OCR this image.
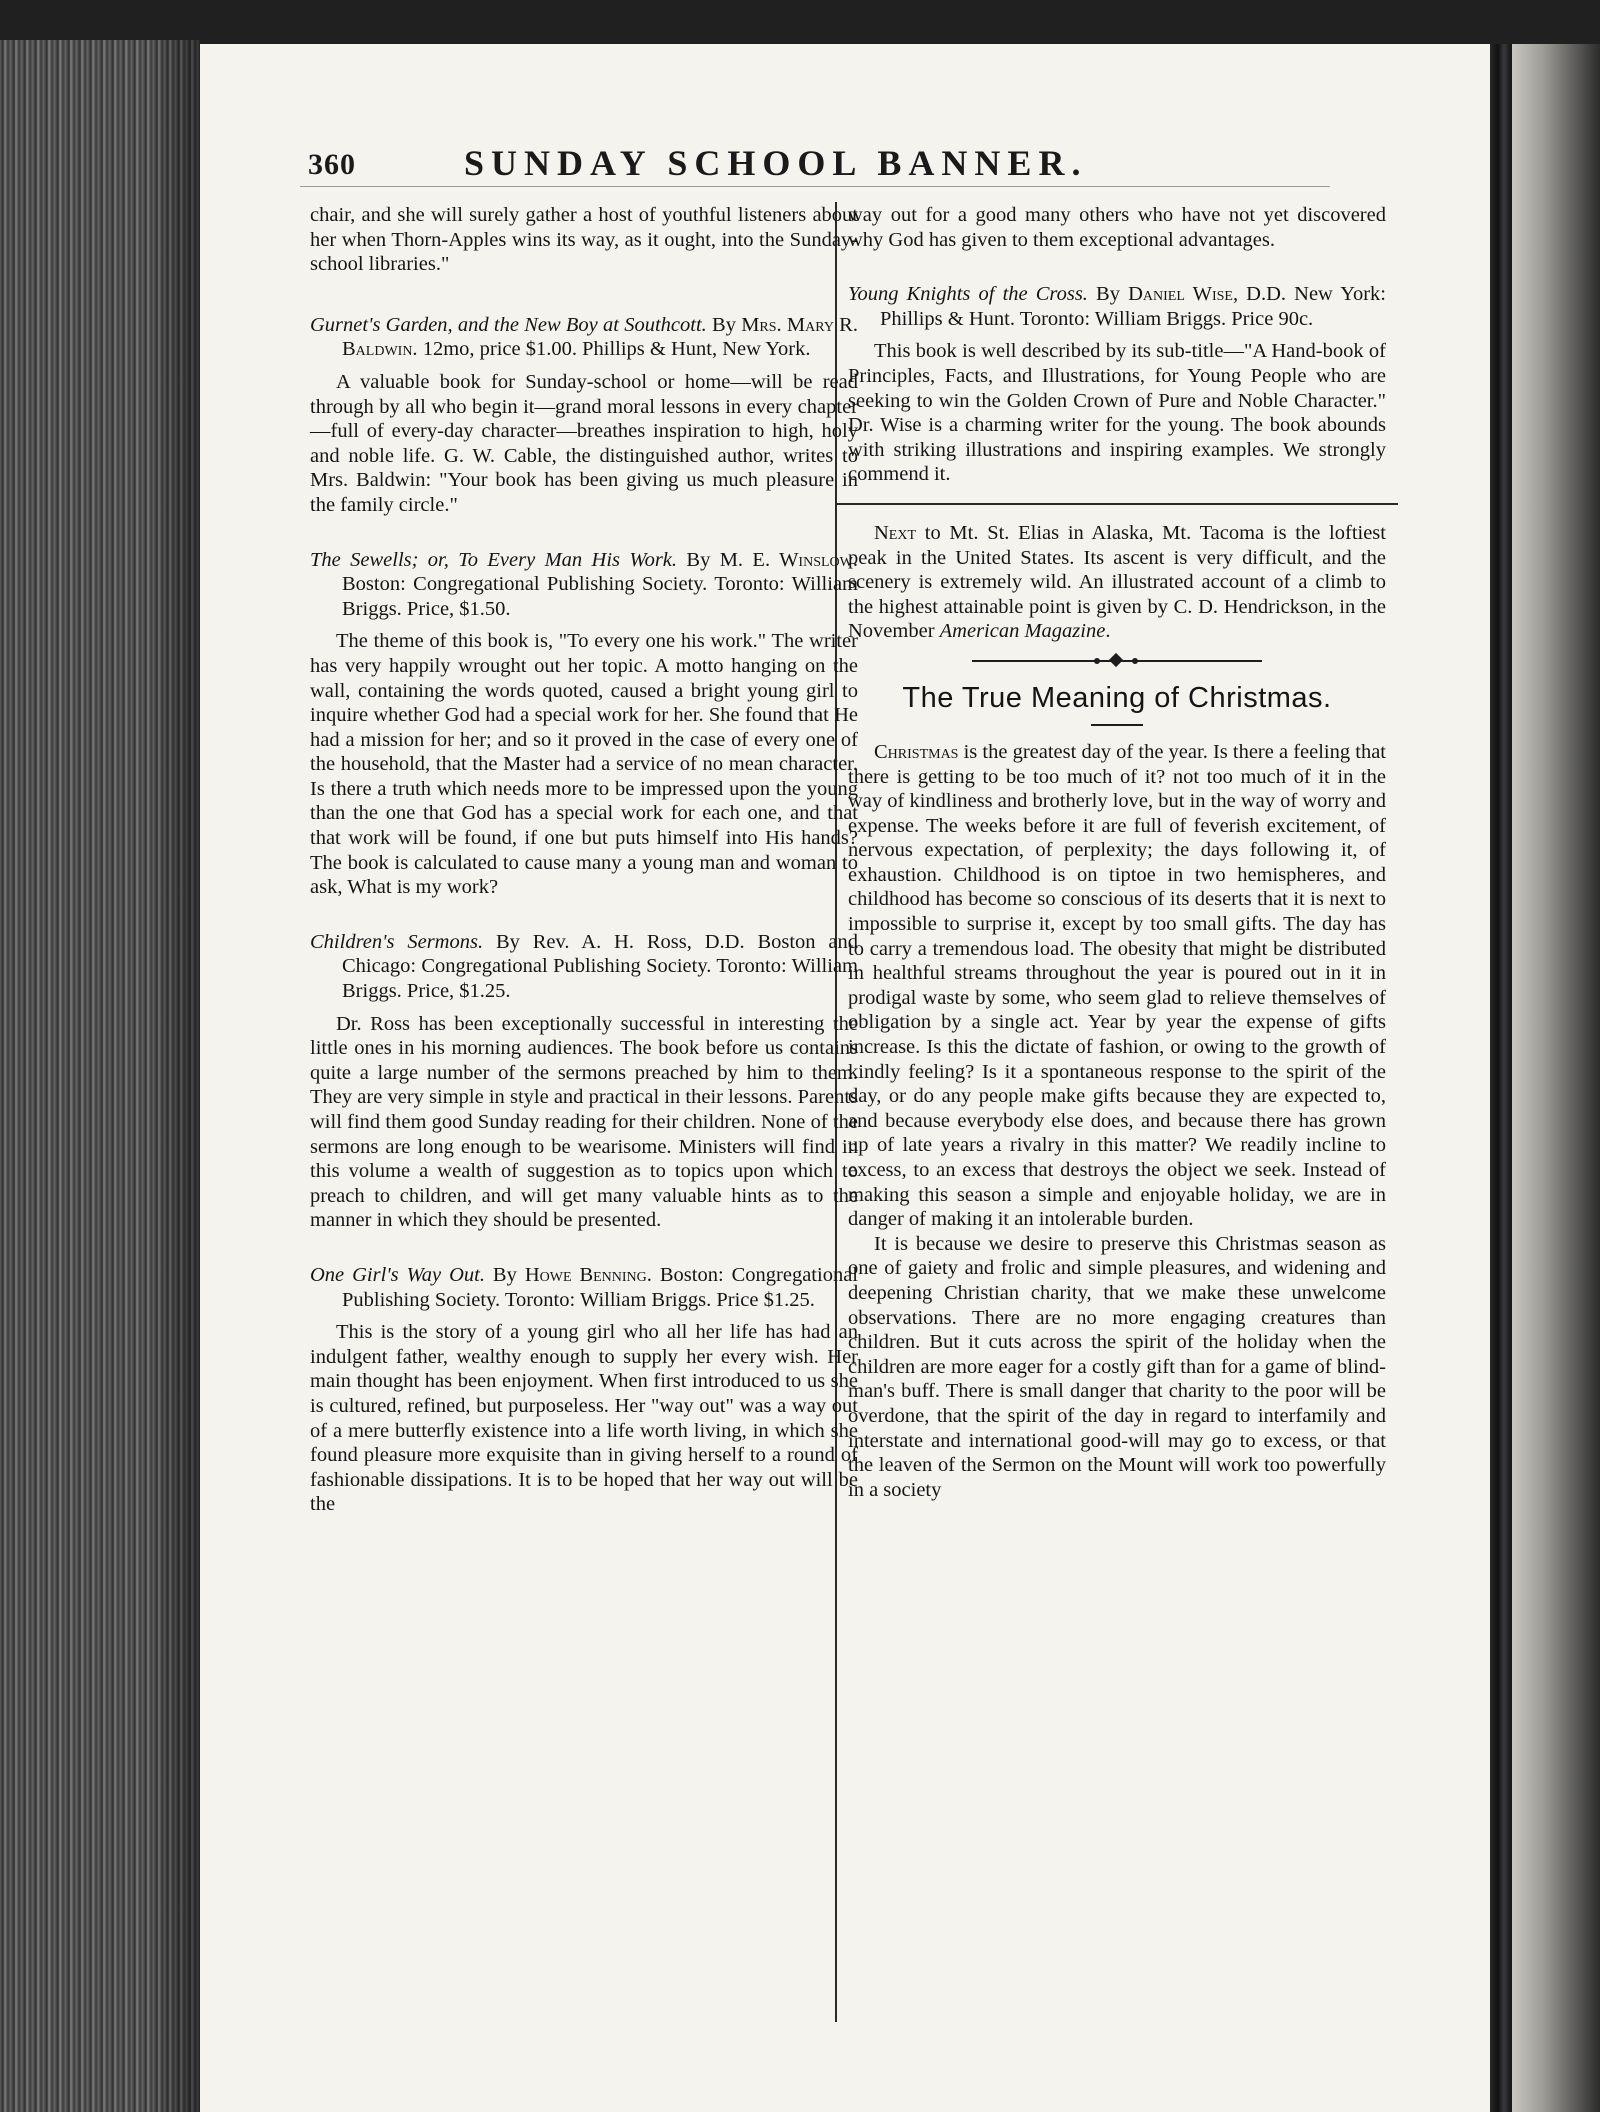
360	SUNDAY SCHOOL BANNER.

chair, and she will surely gather a host of youthful listeners about her when Thorn-Apples wins its way, as it ought, into the Sunday-school libraries."

Gurnet's Garden, and the New Boy at Southcott. By Mrs. Mary R. Baldwin. 12mo, price $1.00. Phillips & Hunt, New York.

A valuable book for Sunday-school or home—will be read through by all who begin it—grand moral lessons in every chapter—full of every-day character—breathes inspiration to high, holy and noble life. G. W. Cable, the distinguished author, writes to Mrs. Baldwin: "Your book has been giving us much pleasure in the family circle."

The Sewells; or, To Every Man His Work. By M. E. Winslow. Boston: Congregational Publishing Society. Toronto: William Briggs. Price, $1.50.

The theme of this book is, "To every one his work." The writer has very happily wrought out her topic. A motto hanging on the wall, containing the words quoted, caused a bright young girl to inquire whether God had a special work for her. She found that He had a mission for her; and so it proved in the case of every one of the household, that the Master had a service of no mean character. Is there a truth which needs more to be impressed upon the young than the one that God has a special work for each one, and that that work will be found, if one but puts himself into His hands? The book is calculated to cause many a young man and woman to ask, What is my work?

Children's Sermons. By Rev. A. H. Ross, D.D. Boston and Chicago: Congregational Publishing Society. Toronto: William Briggs. Price, $1.25.

Dr. Ross has been exceptionally successful in interesting the little ones in his morning audiences. The book before us contains quite a large number of the sermons preached by him to them. They are very simple in style and practical in their lessons. Parents will find them good Sunday reading for their children. None of the sermons are long enough to be wearisome. Ministers will find in this volume a wealth of suggestion as to topics upon which to preach to children, and will get many valuable hints as to the manner in which they should be presented.

One Girl's Way Out. By Howe Benning. Boston: Congregational Publishing Society. Toronto: William Briggs. Price $1.25.

This is the story of a young girl who all her life has had an indulgent father, wealthy enough to supply her every wish. Her main thought has been enjoyment. When first introduced to us she is cultured, refined, but purposeless. Her "way out" was a way out of a mere butterfly existence into a life worth living, in which she found pleasure more exquisite than in giving herself to a round of fashionable dissipations. It is to be hoped that her way out will be the

way out for a good many others who have not yet discovered why God has given to them exceptional advantages.

Young Knights of the Cross. By Daniel Wise, D.D. New York: Phillips & Hunt. Toronto: William Briggs. Price 90c.

This book is well described by its sub-title—"A Hand-book of Principles, Facts, and Illustrations, for Young People who are seeking to win the Golden Crown of Pure and Noble Character." Dr. Wise is a charming writer for the young. The book abounds with striking illustrations and inspiring examples. We strongly commend it.

Next to Mt. St. Elias in Alaska, Mt. Tacoma is the loftiest peak in the United States. Its ascent is very difficult, and the scenery is extremely wild. An illustrated account of a climb to the highest attainable point is given by C. D. Hendrickson, in the November American Magazine.

The True Meaning of Christmas.

Christmas is the greatest day of the year. Is there a feeling that there is getting to be too much of it? not too much of it in the way of kindliness and brotherly love, but in the way of worry and expense. The weeks before it are full of feverish excitement, of nervous expectation, of perplexity; the days following it, of exhaustion. Childhood is on tiptoe in two hemispheres, and childhood has become so conscious of its deserts that it is next to impossible to surprise it, except by too small gifts. The day has to carry a tremendous load. The obesity that might be distributed in healthful streams throughout the year is poured out in it in prodigal waste by some, who seem glad to relieve themselves of obligation by a single act. Year by year the expense of gifts increase. Is this the dictate of fashion, or owing to the growth of kindly feeling? Is it a spontaneous response to the spirit of the day, or do any people make gifts because they are expected to, and because everybody else does, and because there has grown up of late years a rivalry in this matter? We readily incline to excess, to an excess that destroys the object we seek. Instead of making this season a simple and enjoyable holiday, we are in danger of making it an intolerable burden.

It is because we desire to preserve this Christmas season as one of gaiety and frolic and simple pleasures, and widening and deepening Christian charity, that we make these unwelcome observations. There are no more engaging creatures than children. But it cuts across the spirit of the holiday when the children are more eager for a costly gift than for a game of blind-man's buff. There is small danger that charity to the poor will be overdone, that the spirit of the day in regard to interfamily and interstate and international good-will may go to excess, or that the leaven of the Sermon on the Mount will work too powerfully in a society
